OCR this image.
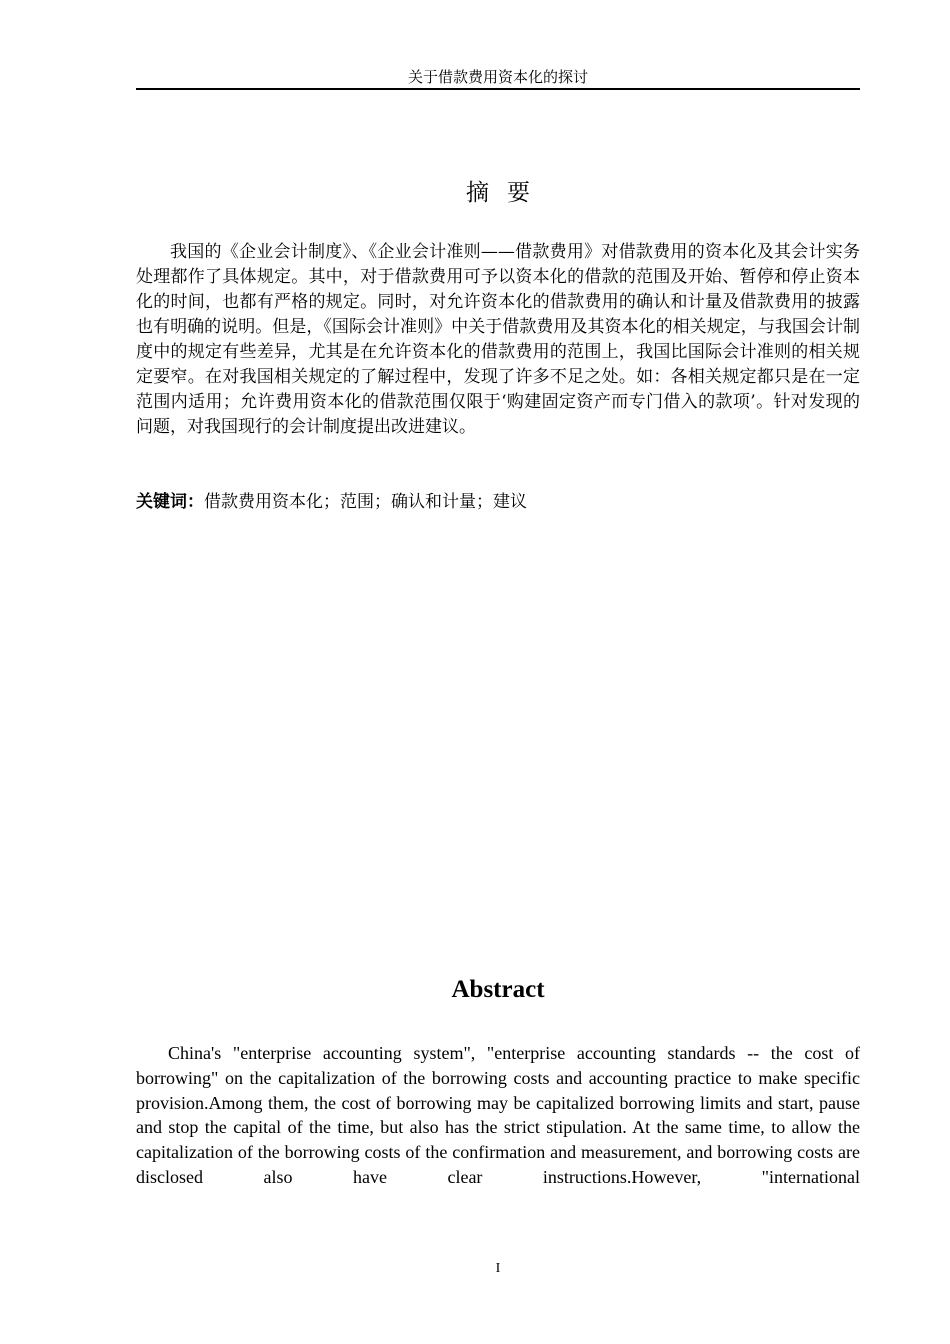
关于借款费用资本化的探讨
摘要

我国的《企业会计制度》、《企业会计准则——借款费用》对借款费用的资本化及其会计实务处理都作了具体规定。其中，对于借款费用可予以资本化的借款的范围及开始、暂停和停止资本化的时间，也都有严格的规定。同时，对允许资本化的借款费用的确认和计量及借款费用的披露也有明确的说明。但是，《国际会计准则》中关于借款费用及其资本化的相关规定，与我国会计制度中的规定有些差异，尤其是在允许资本化的借款费用的范围上，我国比国际会计准则的相关规定要窄。在对我国相关规定的了解过程中，发现了许多不足之处。如：各相关规定都只是在一定范围内适用；允许费用资本化的借款范围仅限于‘购建固定资产而专门借入的款项’。针对发现的问题，对我国现行的会计制度提出改进建议。

关键词：借款费用资本化；范围；确认和计量；建议

Abstract

China's "enterprise accounting system", "enterprise accounting standards -- the cost of borrowing" on the capitalization of the borrowing costs and accounting practice to make specific provision.Among them, the cost of borrowing may be capitalized borrowing limits and start, pause and stop the capital of the time, but also has the strict stipulation. At the same time, to allow the capitalization of the borrowing costs of the confirmation and measurement, and borrowing costs are disclosed also have clear instructions.However, "international

I
